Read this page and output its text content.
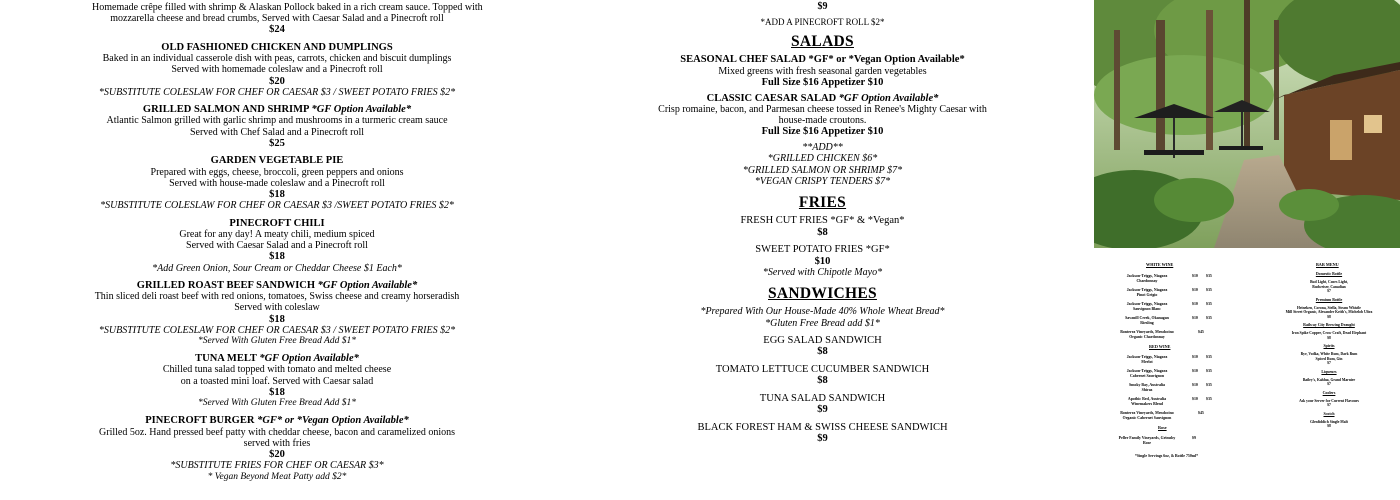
Homemade crêpe filled with shrimp & Alaskan Pollock baked in a rich cream sauce. Topped with
mozzarella cheese and bread crumbs, Served with Caesar Salad and a Pinecroft roll
$24
OLD FASHIONED CHICKEN AND DUMPLINGS
Baked in an individual casserole dish with peas, carrots, chicken and biscuit dumplings
Served with homemade coleslaw and a Pinecroft roll
$20
*SUBSTITUTE COLESLAW FOR CHEF OR CAESAR $3 / SWEET POTATO FRIES $2*
GRILLED SALMON AND SHRIMP *GF Option Available*
Atlantic Salmon grilled with garlic shrimp and mushrooms in a turmeric cream sauce
Served with Chef Salad and a Pinecroft roll
$25
GARDEN VEGETABLE PIE
Prepared with eggs, cheese, broccoli, green peppers and onions
Served with house-made coleslaw and a Pinecroft roll
$18
*SUBSTITUTE COLESLAW FOR CHEF OR CAESAR $3 /SWEET POTATO FRIES $2*
PINECROFT CHILI
Great for any day! A meaty chili, medium spiced
Served with Caesar Salad and a Pinecroft roll
$18
*Add Green Onion, Sour Cream or Cheddar Cheese $1 Each*
GRILLED ROAST BEEF SANDWICH *GF Option Available*
Thin sliced deli roast beef with red onions, tomatoes, Swiss cheese and creamy horseradish
Served with coleslaw
$18
*SUBSTITUTE COLESLAW FOR CHEF OR CAESAR $3 / SWEET POTATO FRIES $2*
*Served With Gluten Free Bread Add $1*
TUNA MELT *GF Option Available*
Chilled tuna salad topped with tomato and melted cheese
on a toasted mini loaf. Served with Caesar salad
$18
*Served With Gluten Free Bread Add $1*
PINECROFT BURGER *GF* or *Vegan Option Available*
Grilled 5oz. Hand pressed beef patty with cheddar cheese, bacon and caramelized onions
served with fries
$20
*SUBSTITUTE FRIES FOR CHEF OR CAESAR $3*
* Vegan Beyond Meat Patty add $2*
$9
*ADD A PINECROFT ROLL $2*
SALADS
SEASONAL CHEF SALAD *GF* or *Vegan Option Available*
Mixed greens with fresh seasonal garden vegetables
Full Size $16 Appetizer $10
CLASSIC CAESAR SALAD *GF Option Available*
Crisp romaine, bacon, and Parmesan cheese tossed in Renee's Mighty Caesar with
house-made croutons.
Full Size $16 Appetizer $10
**ADD**
*GRILLED CHICKEN $6*
*GRILLED SALMON OR SHRIMP $7*
*VEGAN CRISPY TENDERS $7*
FRIES
FRESH CUT FRIES *GF* & *Vegan*
$8
SWEET POTATO FRIES *GF*
$10
*Served with Chipotle Mayo*
SANDWICHES
*Prepared With Our House-Made 40% Whole Wheat Bread*
*Gluten Free Bread add $1*
EGG SALAD SANDWICH
$8
TOMATO LETTUCE CUCUMBER SANDWICH
$8
TUNA SALAD SANDWICH
$9
BLACK FOREST HAM & SWISS CHEESE SANDWICH
$9
WHITE WINE
Jackson-Triggs, Niagara
Chardonnay
$10 $35
Jackson-Triggs, Niagara
Pinot Grigio
$10 $35
Jackson-Triggs, Niagara
Sauvignon Blanc
$10 $35
Sawmill Creek, Okanagan
Riesling
$10 $35
Bonterra Vineyards, Mendocino
Organic Chardonnay
$45
RED WINE
Jackson-Triggs, Niagara
Merlot
$10 $35
Jackson-Triggs, Niagara
Cabernet Sauvignon
$10 $35
Smoky Bay, Australia
Shiraz
$10 $35
Apothic Red, Australia
Winemakers Blend
$10 $35
Bonterra Vineyards, Mendocino
Organic Cabernet Sauvignon
$45
Rose
Peller Family Vineyards, Grimsby
Rose
$9
*Single Servings 6oz, & Bottle 750ml*
BAR MENU
Domestic Bottle
Bud Light, Coors Light,
Budweiser, Canadian
$7
Premium Bottle
Heineken, Corona, Stella, Steam Whistle
Mill Street Organic, Alexander Keith's, Michelob Ultra
$8
Railway City Brewing Draught
Iron Spike Copper, Crow Craft, Dead Elephant
$8
Spirits
Rye, Vodka, White Rum, Dark Rum
Spiced Rum, Gin
$7
Liqueurs
Bailey's, Kahlua, Grand Marnier
$7
Coolers
Ask your Server for Current Flavours
$7
Scotch
Glenfiddich Single Malt
$8
